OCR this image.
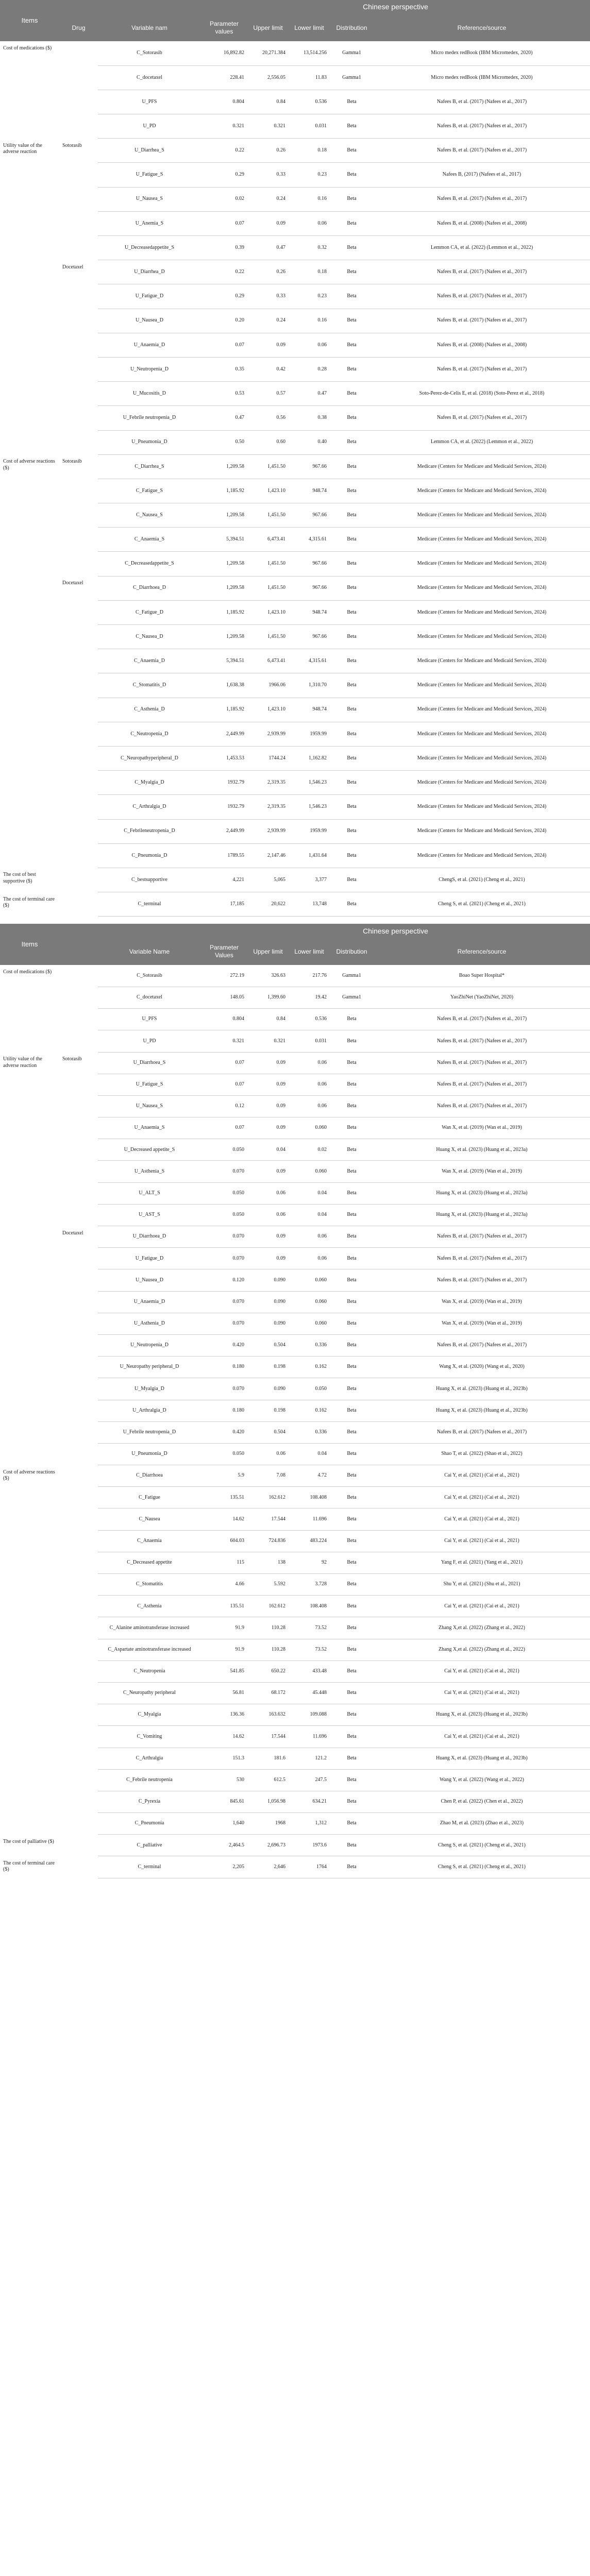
Items			Chinese perspective				
	Drug	Variable nam	Parameter values	Upper limit	Lower limit	Distribution	Reference/source
Cost of medications ($)		C_Sotorasib	16,892.82	20,271.384	13,514.256	Gamma1	Micro medex redBook (IBM Micromedex, 2020)
		C_docetaxel	228.41	2,556.05	11.83	Gamma1	Micro medex redBook (IBM Micromedex, 2020)
		U_PFS	0.804	0.84	0.536	Beta	Nafees B, et al. (2017) (Nafees et al., 2017)
		U_PD	0.321	0.321	0.031	Beta	Nafees B, et al. (2017) (Nafees et al., 2017)
Utility value of the adverse reaction	Sotorasib	U_Diarrhea_S	0.22	0.26	0.18	Beta	Nafees B, et al. (2017) (Nafees et al., 2017)
		U_Fatigue_S	0.29	0.33	0.23	Beta	Nafees B, (2017) (Nafees et al., 2017)
		U_Nausea_S	0.02	0.24	0.16	Beta	Nafees B, et al. (2017) (Nafees et al., 2017)
		U_Anemia_S	0.07	0.09	0.06	Beta	Nafees B, et al. (2008) (Nafees et al., 2008)
		U_Decreasedappetite_S	0.39	0.47	0.32	Beta	Lemmon CA, et al. (2022) (Lemmon et al., 2022)
	Docetaxel	U_Diarrhea_D	0.22	0.26	0.18	Beta	Nafees B, et al. (2017) (Nafees et al., 2017)
		U_Fatigue_D	0.29	0.33	0.23	Beta	Nafees B, et al. (2017) (Nafees et al., 2017)
		U_Nausea_D	0.20	0.24	0.16	Beta	Nafees B, et al. (2017) (Nafees et al., 2017)
		U_Anaemia_D	0.07	0.09	0.06	Beta	Nafees B, et al. (2008) (Nafees et al., 2008)
		U_Neutropenia_D	0.35	0.42	0.28	Beta	Nafees B, et al. (2017) (Nafees et al., 2017)
		U_Mucositis_D	0.53	0.57	0.47	Beta	Soto-Perez-de-Celis E, et al. (2018) (Soto-Perez et al., 2018)
		U_Febrile neutropenia_D	0.47	0.56	0.38	Beta	Nafees B, et al. (2017) (Nafees et al., 2017)
		U_Pneumonia_D	0.50	0.60	0.40	Beta	Lemmon CA, et al. (2022) (Lemmon et al., 2022)
Cost of adverse reactions ($)	Sotorasib	C_Diarrhea_S	1,209.58	1,451.50	967.66	Beta	Medicare (Centers for Medicare and Medicaid Services, 2024)
		C_Fatigue_S	1,185.92	1,423.10	948.74	Beta	Medicare (Centers for Medicare and Medicaid Services, 2024)
		C_Nausea_S	1,209.58	1,451.50	967.66	Beta	Medicare (Centers for Medicare and Medicaid Services, 2024)
		C_Anaemia_S	5,394.51	6,473.41	4,315.61	Beta	Medicare (Centers for Medicare and Medicaid Services, 2024)
		C_Decreasedappetite_S	1,209.58	1,451.50	967.66	Beta	Medicare (Centers for Medicare and Medicaid Services, 2024)
	Docetaxel	C_Diarrhoea_D	1,209.58	1,451.50	967.66	Beta	Medicare (Centers for Medicare and Medicaid Services, 2024)
		C_Fatigue_D	1,185.92	1,423.10	948.74	Beta	Medicare (Centers for Medicare and Medicaid Services, 2024)
		C_Nausea_D	1,209.58	1,451.50	967.66	Beta	Medicare (Centers for Medicare and Medicaid Services, 2024)
		C_Anaemia_D	5,394.51	6,473.41	4,315.61	Beta	Medicare (Centers for Medicare and Medicaid Services, 2024)
		C_Stomatitis_D	1,638.38	1966.06	1,310.70	Beta	Medicare (Centers for Medicare and Medicaid Services, 2024)
		C_Asthenia_D	1,185.92	1,423.10	948.74	Beta	Medicare (Centers for Medicare and Medicaid Services, 2024)
		C_Neutropenia_D	2,449.99	2,939.99	1959.99	Beta	Medicare (Centers for Medicare and Medicaid Services, 2024)
		C_Neuropathyperipheral_D	1,453.53	1744.24	1,162.82	Beta	Medicare (Centers for Medicare and Medicaid Services, 2024)
		C_Myalgia_D	1932.79	2,319.35	1,546.23	Beta	Medicare (Centers for Medicare and Medicaid Services, 2024)
		C_Arthralgia_D	1932.79	2,319.35	1,546.23	Beta	Medicare (Centers for Medicare and Medicaid Services, 2024)
		C_Febrileneutropenia_D	2,449.99	2,939.99	1959.99	Beta	Medicare (Centers for Medicare and Medicaid Services, 2024)
		C_Pneumonia_D	1789.55	2,147.46	1,431.64	Beta	Medicare (Centers for Medicare and Medicaid Services, 2024)
The cost of best supportive ($)		C_bestsupportive	4,221	5,065	3,377	Beta	ChengS, et al. (2021) (Cheng et al., 2021)
The cost of terminal care ($)		C_terminal	17,185	20,622	13,748	Beta	Cheng S, et al. (2021) (Cheng et al., 2021)
Items			Chinese perspective				
		Variable Name	Parameter Values	Upper limit	Lower limit	Distribution	Reference/source
Cost of medications ($)		C_Sotorasib	272.19	326.63	217.76	Gamma1	Boao Super Hospital*
		C_docetaxel	148.05	1,399.60	19.42	Gamma1	YaoZhiNet (YaoZhiNet, 2020)
		U_PFS	0.804	0.84	0.536	Beta	Nafees B, et al. (2017) (Nafees et al., 2017)
		U_PD	0.321	0.321	0.031	Beta	Nafees B, et al. (2017) (Nafees et al., 2017)
Utility value of the adverse reaction	Sotorasib	U_Diarrhoea_S	0.07	0.09	0.06	Beta	Nafees B, et al. (2017) (Nafees et al., 2017)
		U_Fatigue_S	0.07	0.09	0.06	Beta	Nafees B, et al. (2017) (Nafees et al., 2017)
		U_Nausea_S	0.12	0.09	0.06	Beta	Nafees B, et al. (2017) (Nafees et al., 2017)
		U_Anaemia_S	0.07	0.09	0.060	Beta	Wan X, et al. (2019) (Wan et al., 2019)
		U_Decreased appetite_S	0.050	0.04	0.02	Beta	Huang X, et al. (2023) (Huang et al., 2023a)
		U_Asthenia_S	0.070	0.09	0.060	Beta	Wan X, et al. (2019) (Wan et al., 2019)
		U_ALT_S	0.050	0.06	0.04	Beta	Huang X, et al. (2023) (Huang et al., 2023a)
		U_AST_S	0.050	0.06	0.04	Beta	Huang X, et al. (2023) (Huang et al., 2023a)
	Docetaxel	U_Diarrhoea_D	0.070	0.09	0.06	Beta	Nafees B, et al. (2017) (Nafees et al., 2017)
		U_Fatigue_D	0.070	0.09	0.06	Beta	Nafees B, et al. (2017) (Nafees et al., 2017)
		U_Nausea_D	0.120	0.090	0.060	Beta	Nafees B, et al. (2017) (Nafees et al., 2017)
		U_Anaemia_D	0.070	0.090	0.060	Beta	Wan X, et al. (2019) (Wan et al., 2019)
		U_Asthenia_D	0.070	0.090	0.060	Beta	Wan X, et al. (2019) (Wan et al., 2019)
		U_Neutropenia_D	0.420	0.504	0.336	Beta	Nafees B, et al. (2017) (Nafees et al., 2017)
		U_Neuropathy peripheral_D	0.180	0.198	0.162	Beta	Wang X, et al. (2020) (Wang et al., 2020)
		U_Myalgia_D	0.070	0.090	0.050	Beta	Huang X, et al. (2023) (Huang et al., 2023b)
		U_Arthralgia_D	0.180	0.198	0.162	Beta	Huang X, et al. (2023) (Huang et al., 2023b)
		U_Febrile neutropenia_D	0.420	0.504	0.336	Beta	Nafees B, et al. (2017) (Nafees et al., 2017)
		U_Pneumonia_D	0.050	0.06	0.04	Beta	Shao T, et al. (2022) (Shao et al., 2022)
Cost of adverse reactions ($)		C_Diarrhoea	5.9	7.08	4.72	Beta	Cai Y, et al. (2021) (Cai et al., 2021)
		C_Fatigue	135.51	162.612	108.408	Beta	Cai Y, et al. (2021) (Cai et al., 2021)
		C_Nausea	14.62	17.544	11.696	Beta	Cai Y, et al. (2021) (Cai et al., 2021)
		C_Anaemia	604.03	724.836	483.224	Beta	Cai Y, et al. (2021) (Cai et al., 2021)
		C_Decreased appetite	115	138	92	Beta	Yang F, et al. (2021) (Yang et al., 2021)
		C_Stomatitis	4.66	5.592	3.728	Beta	Shu Y, et al. (2021) (Shu et al., 2021)
		C_Asthenia	135.51	162.612	108.408	Beta	Cai Y, et al. (2021) (Cai et al., 2021)
		C_Alanine aminotransferase increased	91.9	110.28	73.52	Beta	Zhang X,et al. (2022) (Zhang et al., 2022)
		C_Aspartate aminotransferase increased	91.9	110.28	73.52	Beta	Zhang X,et al. (2022) (Zhang et al., 2022)
		C_Neutropenia	541.85	650.22	433.48	Beta	Cai Y, et al. (2021) (Cai et al., 2021)
		C_Neuropathy peripheral	56.81	68.172	45.448	Beta	Cai Y, et al. (2021) (Cai et al., 2021)
		C_Myalgia	136.36	163.632	109.088	Beta	Huang X, et al. (2023) (Huang et al., 2023b)
		C_Vomiting	14.62	17.544	11.696	Beta	Cai Y, et al. (2021) (Cai et al., 2021)
		C_Arthralgia	151.3	181.6	121.2	Beta	Huang X, et al. (2023) (Huang et al., 2023b)
		C_Febrile neutropenia	530	612.5	247.5	Beta	Wang Y, et al. (2022) (Wang et al., 2022)
		C_Pyrexia	845.61	1,056.98	634.21	Beta	Chen P, et al. (2022) (Chen et al., 2022)
		C_Pneumonia	1,640	1968	1,312	Beta	Zhao M, et al. (2023) (Zhao et al., 2023)
The cost of palliative ($)		C_palliative	2,464.5	2,696.73	1973.6	Beta	Cheng S, et al. (2021) (Cheng et al., 2021)
The cost of terminal care ($)		C_terminal	2,205	2,646	1764	Beta	Cheng S, et al. (2021) (Cheng et al., 2021)
